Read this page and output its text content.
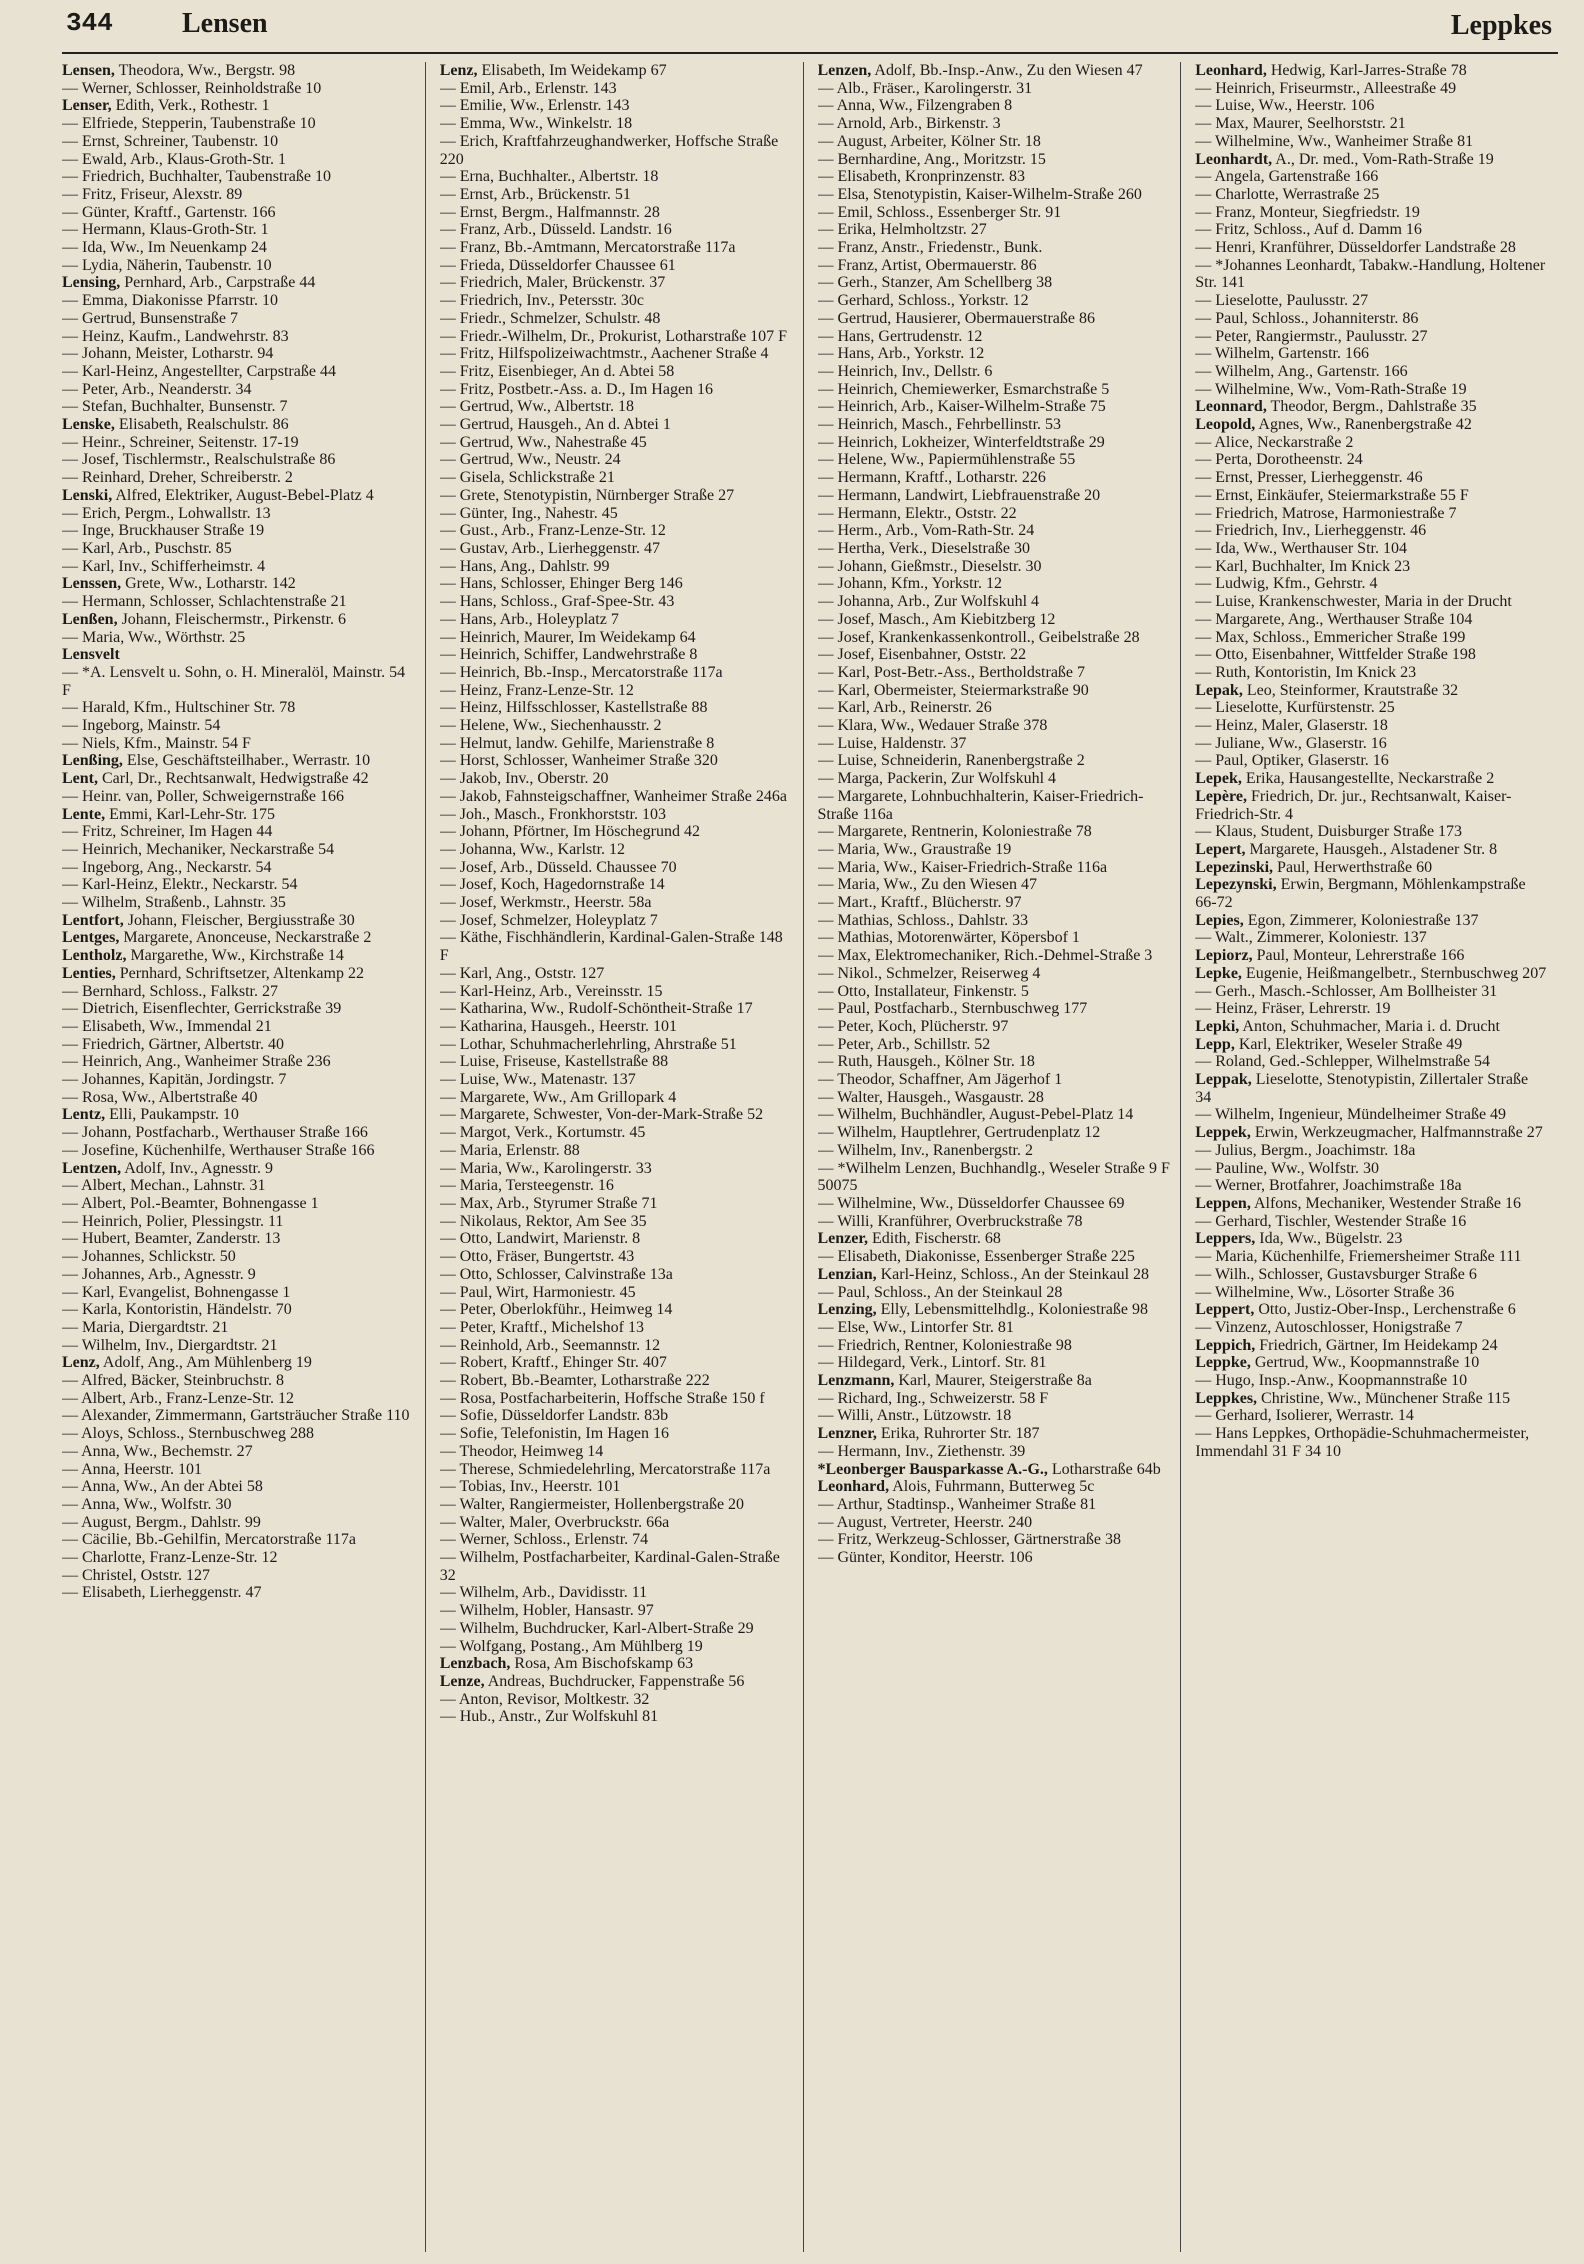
344 Lensen	Leppkes

Lensen, Theodora, Ww., Bergstr. 98

— Werner, Schlosser, Reinholdstraße 10

Lenser, Edith, Verk., Rothestr. 1

— Elfriede, Stepperin, Taubenstraße 10

— Ernst, Schreiner, Taubenstr. 10

— Ewald, Arb., Klaus-Groth-Str. 1

— Friedrich, Buchhalter, Taubenstraße 10

— Fritz, Friseur, Alexstr. 89

— Günter, Kraftf., Gartenstr. 166

— Hermann, Klaus-Groth-Str. 1

— Ida, Ww., Im Neuenkamp 24

— Lydia, Näherin, Taubenstr. 10

Lensing, Pernhard, Arb., Carpstraße 44

— Emma, Diakonisse Pfarrstr. 10

— Gertrud, Bunsenstraße 7

— Heinz, Kaufm., Landwehrstr. 83

— Johann, Meister, Lotharstr. 94

— Karl-Heinz, Angestellter, Carpstraße 44

— Peter, Arb., Neanderstr. 34

— Stefan, Buchhalter, Bunsenstr. 7

Lenske, Elisabeth, Realschulstr. 86

— Heinr., Schreiner, Seitenstr. 17-19

— Josef, Tischlermstr., Realschulstraße 86

— Reinhard, Dreher, Schreiberstr. 2

Lenski, Alfred, Elektriker, August-Bebel-Platz 4

— Erich, Pergm., Lohwallstr. 13

— Inge, Bruckhauser Straße 19

— Karl, Arb., Puschstr. 85

— Karl, Inv., Schifferheimstr. 4

Lenssen, Grete, Ww., Lotharstr. 142

— Hermann, Schlosser, Schlachtenstraße 21

Lenßen, Johann, Fleischermstr., Pirkenstr. 6

— Maria, Ww., Wörthstr. 25

Lensvelt

— *A. Lensvelt u. Sohn, o. H. Mineralöl, Mainstr. 54 F

— Harald, Kfm., Hultschiner Str. 78

— Ingeborg, Mainstr. 54

— Niels, Kfm., Mainstr. 54 F

Lenßing, Else, Geschäftsteilhaber., Werrastr. 10

Lent, Carl, Dr., Rechtsanwalt, Hedwigstraße 42

— Heinr. van, Poller, Schweigernstraße 166

Lente, Emmi, Karl-Lehr-Str. 175

— Fritz, Schreiner, Im Hagen 44

— Heinrich, Mechaniker, Neckarstraße 54

— Ingeborg, Ang., Neckarstr. 54

— Karl-Heinz, Elektr., Neckarstr. 54

— Wilhelm, Straßenb., Lahnstr. 35

Lentfort, Johann, Fleischer, Bergiusstraße 30

Lentges, Margarete, Anonceuse, Neckarstraße 2

Lentholz, Margarethe, Ww., Kirchstraße 14

Lenties, Pernhard, Schriftsetzer, Altenkamp 22

— Bernhard, Schloss., Falkstr. 27

— Dietrich, Eisenflechter, Gerrickstraße 39

— Elisabeth, Ww., Immendal 21

— Friedrich, Gärtner, Albertstr. 40

— Heinrich, Ang., Wanheimer Straße 236

— Johannes, Kapitän, Jordingstr. 7

— Rosa, Ww., Albertstraße 40

Lentz, Elli, Paukampstr. 10

— Johann, Postfacharb., Werthauser Straße 166

— Josefine, Küchenhilfe, Werthauser Straße 166

Lentzen, Adolf, Inv., Agnesstr. 9

— Albert, Mechan., Lahnstr. 31

— Albert, Pol.-Beamter, Bohnengasse 1

— Heinrich, Polier, Plessingstr. 11

— Hubert, Beamter, Zanderstr. 13

— Johannes, Schlickstr. 50

— Johannes, Arb., Agnesstr. 9

— Karl, Evangelist, Bohnengasse 1

— Karla, Kontoristin, Händelstr. 70

— Maria, Diergardtstr. 21

— Wilhelm, Inv., Diergardtstr. 21

Lenz, Adolf, Ang., Am Mühlenberg 19

— Alfred, Bäcker, Steinbruchstr. 8

— Albert, Arb., Franz-Lenze-Str. 12

— Alexander, Zimmermann, Gartsträucher Straße 110

— Aloys, Schloss., Sternbuschweg 288

— Anna, Ww., Bechemstr. 27

— Anna, Heerstr. 101

— Anna, Ww., An der Abtei 58

— Anna, Ww., Wolfstr. 30

— August, Bergm., Dahlstr. 99

— Cäcilie, Bb.-Gehilfin, Mercatorstraße 117a

— Charlotte, Franz-Lenze-Str. 12

— Christel, Oststr. 127

— Elisabeth, Lierheggenstr. 47

Lenz, Elisabeth, Im Weidekamp 67

— Emil, Arb., Erlenstr. 143

— Emilie, Ww., Erlenstr. 143

— Emma, Ww., Winkelstr. 18

— Erich, Kraftfahrzeughandwerker, Hoffsche Straße 220

— Erna, Buchhalter., Albertstr. 18

— Ernst, Arb., Brückenstr. 51

— Ernst, Bergm., Halfmannstr. 28

— Franz, Arb., Düsseld. Landstr. 16

— Franz, Bb.-Amtmann, Mercatorstraße 117a

— Frieda, Düsseldorfer Chaussee 61

— Friedrich, Maler, Brückenstr. 37

— Friedrich, Inv., Petersstr. 30c

— Friedr., Schmelzer, Schulstr. 48

— Friedr.-Wilhelm, Dr., Prokurist, Lotharstraße 107 F

— Fritz, Hilfspolizeiwachtmstr., Aachener Straße 4

— Fritz, Eisenbieger, An d. Abtei 58

— Fritz, Postbetr.-Ass. a. D., Im Hagen 16

— Gertrud, Ww., Albertstr. 18

— Gertrud, Hausgeh., An d. Abtei 1

— Gertrud, Ww., Nahestraße 45

— Gertrud, Ww., Neustr. 24

— Gisela, Schlickstraße 21

— Grete, Stenotypistin, Nürnberger Straße 27

— Günter, Ing., Nahestr. 45

— Gust., Arb., Franz-Lenze-Str. 12

— Gustav, Arb., Lierheggenstr. 47

— Hans, Ang., Dahlstr. 99

— Hans, Schlosser, Ehinger Berg 146

— Hans, Schloss., Graf-Spee-Str. 43

— Hans, Arb., Holeyplatz 7

— Heinrich, Maurer, Im Weidekamp 64

— Heinrich, Schiffer, Landwehrstraße 8

— Heinrich, Bb.-Insp., Mercatorstraße 117a

— Heinz, Franz-Lenze-Str. 12

— Heinz, Hilfsschlosser, Kastellstraße 88

— Helene, Ww., Siechenhausstr. 2

— Helmut, landw. Gehilfe, Marienstraße 8

— Horst, Schlosser, Wanheimer Straße 320

— Jakob, Inv., Oberstr. 20

— Jakob, Fahnsteigschaffner, Wanheimer Straße 246a

— Joh., Masch., Fronkhorststr. 103

— Johann, Pförtner, Im Höschegrund 42

— Johanna, Ww., Karlstr. 12

— Josef, Arb., Düsseld. Chaussee 70

— Josef, Koch, Hagedornstraße 14

— Josef, Werkmstr., Heerstr. 58a

— Josef, Schmelzer, Holeyplatz 7

— Käthe, Fischhändlerin, Kardinal-Galen-Straße 148 F

— Karl, Ang., Oststr. 127

— Karl-Heinz, Arb., Vereinsstr. 15

— Katharina, Ww., Rudolf-Schöntheit-Straße 17

— Katharina, Hausgeh., Heerstr. 101

— Lothar, Schuhmacherlehrling, Ahrstraße 51

— Luise, Friseuse, Kastellstraße 88

— Luise, Ww., Matenastr. 137

— Margarete, Ww., Am Grillopark 4

— Margarete, Schwester, Von-der-Mark-Straße 52

— Margot, Verk., Kortumstr. 45

— Maria, Erlenstr. 88

— Maria, Ww., Karolingerstr. 33

— Maria, Tersteegenstr. 16

— Max, Arb., Styrumer Straße 71

— Nikolaus, Rektor, Am See 35

— Otto, Landwirt, Marienstr. 8

— Otto, Fräser, Bungertstr. 43

— Otto, Schlosser, Calvinstraße 13a

— Paul, Wirt, Harmoniestr. 45

— Peter, Oberlokführ., Heimweg 14

— Peter, Kraftf., Michelshof 13

— Reinhold, Arb., Seemannstr. 12

— Robert, Kraftf., Ehinger Str. 407

— Robert, Bb.-Beamter, Lotharstraße 222

— Rosa, Postfacharbeiterin, Hoffsche Straße 150 f

— Sofie, Düsseldorfer Landstr. 83b

— Sofie, Telefonistin, Im Hagen 16

— Theodor, Heimweg 14

— Therese, Schmiedelehrling, Mercatorstraße 117a

— Tobias, Inv., Heerstr. 101

— Walter, Rangiermeister, Hollenbergstraße 20

— Walter, Maler, Overbruckstr. 66a

— Werner, Schloss., Erlenstr. 74

— Wilhelm, Postfacharbeiter, Kardinal-Galen-Straße 32

— Wilhelm, Arb., Davidisstr. 11

— Wilhelm, Hobler, Hansastr. 97

— Wilhelm, Buchdrucker, Karl-Albert-Straße 29

— Wolfgang, Postang., Am Mühlberg 19

Lenzbach, Rosa, Am Bischofskamp 63

Lenze, Andreas, Buchdrucker, Fappenstraße 56

— Anton, Revisor, Moltkestr. 32

— Hub., Anstr., Zur Wolfskuhl 81

Lenzen, Adolf, Bb.-Insp.-Anw., Zu den Wiesen 47

— Alb., Fräser., Karolingerstr. 31

— Anna, Ww., Filzengraben 8

— Arnold, Arb., Birkenstr. 3

— August, Arbeiter, Kölner Str. 18

— Bernhardine, Ang., Moritzstr. 15

— Elisabeth, Kronprinzenstr. 83

— Elsa, Stenotypistin, Kaiser-Wilhelm-Straße 260

— Emil, Schloss., Essenberger Str. 91

— Erika, Helmholtzstr. 27

— Franz, Anstr., Friedenstr., Bunk.

— Franz, Artist, Obermauerstr. 86

— Gerh., Stanzer, Am Schellberg 38

— Gerhard, Schloss., Yorkstr. 12

— Gertrud, Hausierer, Obermauerstraße 86

— Hans, Gertrudenstr. 12

— Hans, Arb., Yorkstr. 12

— Heinrich, Inv., Dellstr. 6

— Heinrich, Chemiewerker, Esmarchstraße 5

— Heinrich, Arb., Kaiser-Wilhelm-Straße 75

— Heinrich, Masch., Fehrbellinstr. 53

— Heinrich, Lokheizer, Winterfeldtstraße 29

— Helene, Ww., Papiermühlenstraße 55

— Hermann, Kraftf., Lotharstr. 226

— Hermann, Landwirt, Liebfrauenstraße 20

— Hermann, Elektr., Oststr. 22

— Herm., Arb., Vom-Rath-Str. 24

— Hertha, Verk., Dieselstraße 30

— Johann, Gießmstr., Dieselstr. 30

— Johann, Kfm., Yorkstr. 12

— Johanna, Arb., Zur Wolfskuhl 4

— Josef, Masch., Am Kiebitzberg 12

— Josef, Krankenkassenkontroll., Geibelstraße 28

— Josef, Eisenbahner, Oststr. 22

— Karl, Post-Betr.-Ass., Bertholdstraße 7

— Karl, Obermeister, Steiermarkstraße 90

— Karl, Arb., Reinerstr. 26

— Klara, Ww., Wedauer Straße 378

— Luise, Haldenstr. 37

— Luise, Schneiderin, Ranenbergstraße 2

— Marga, Packerin, Zur Wolfskuhl 4

— Margarete, Lohnbuchhalterin, Kaiser-Friedrich-Straße 116a

— Margarete, Rentnerin, Koloniestraße 78

— Maria, Ww., Graustraße 19

— Maria, Ww., Kaiser-Friedrich-Straße 116a

— Maria, Ww., Zu den Wiesen 47

— Mart., Kraftf., Blücherstr. 97

— Mathias, Schloss., Dahlstr. 33

— Mathias, Motorenwärter, Köpersbof 1

— Max, Elektromechaniker, Rich.-Dehmel-Straße 3

— Nikol., Schmelzer, Reiserweg 4

— Otto, Installateur, Finkenstr. 5

— Paul, Postfacharb., Sternbuschweg 177

— Peter, Koch, Plücherstr. 97

— Peter, Arb., Schillstr. 52

— Ruth, Hausgeh., Kölner Str. 18

— Theodor, Schaffner, Am Jägerhof 1

— Walter, Hausgeh., Wasgaustr. 28

— Wilhelm, Buchhändler, August-Pebel-Platz 14

— Wilhelm, Hauptlehrer, Gertrudenplatz 12

— Wilhelm, Inv., Ranenbergstr. 2

— *Wilhelm Lenzen, Buchhandlg., Weseler Straße 9 F 50075

— Wilhelmine, Ww., Düsseldorfer Chaussee 69

— Willi, Kranführer, Overbruckstraße 78

Lenzer, Edith, Fischerstr. 68

— Elisabeth, Diakonisse, Essenberger Straße 225

Lenzian, Karl-Heinz, Schloss., An der Steinkaul 28

— Paul, Schloss., An der Steinkaul 28

Lenzing, Elly, Lebensmittelhdlg., Koloniestraße 98

— Else, Ww., Lintorfer Str. 81

— Friedrich, Rentner, Koloniestraße 98

— Hildegard, Verk., Lintorf. Str. 81

Lenzmann, Karl, Maurer, Steigerstraße 8a

— Richard, Ing., Schweizerstr. 58 F

— Willi, Anstr., Lützowstr. 18

Lenzner, Erika, Ruhrorter Str. 187

— Hermann, Inv., Ziethenstr. 39

*Leonberger Bausparkasse A.-G., Lotharstraße 64b

Leonhard, Alois, Fuhrmann, Butterweg 5c

— Arthur, Stadtinsp., Wanheimer Straße 81

— August, Vertreter, Heerstr. 240

— Fritz, Werkzeug-Schlosser, Gärtnerstraße 38

— Günter, Konditor, Heerstr. 106

Leonhard, Hedwig, Karl-Jarres-Straße 78

— Heinrich, Friseurmstr., Alleestraße 49

— Luise, Ww., Heerstr. 106

— Max, Maurer, Seelhorststr. 21

— Wilhelmine, Ww., Wanheimer Straße 81

Leonhardt, A., Dr. med., Vom-Rath-Straße 19

— Angela, Gartenstraße 166

— Charlotte, Werrastraße 25

— Franz, Monteur, Siegfriedstr. 19

— Fritz, Schloss., Auf d. Damm 16

— Henri, Kranführer, Düsseldorfer Landstraße 28

— *Johannes Leonhardt, Tabakw.-Handlung, Holtener Str. 141

— Lieselotte, Paulusstr. 27

— Paul, Schloss., Johanniterstr. 86

— Peter, Rangiermstr., Paulusstr. 27

— Wilhelm, Gartenstr. 166

— Wilhelm, Ang., Gartenstr. 166

— Wilhelmine, Ww., Vom-Rath-Straße 19

Leonnard, Theodor, Bergm., Dahlstraße 35

Leopold, Agnes, Ww., Ranenbergstraße 42

— Alice, Neckarstraße 2

— Perta, Dorotheenstr. 24

— Ernst, Presser, Lierheggenstr. 46

— Ernst, Einkäufer, Steiermarkstraße 55 F

— Friedrich, Matrose, Harmoniestraße 7

— Friedrich, Inv., Lierheggenstr. 46

— Ida, Ww., Werthauser Str. 104

— Karl, Buchhalter, Im Knick 23

— Ludwig, Kfm., Gehrstr. 4

— Luise, Krankenschwester, Maria in der Drucht

— Margarete, Ang., Werthauser Straße 104

— Max, Schloss., Emmericher Straße 199

— Otto, Eisenbahner, Wittfelder Straße 198

— Ruth, Kontoristin, Im Knick 23

Lepak, Leo, Steinformer, Krautstraße 32

— Lieselotte, Kurfürstenstr. 25

— Heinz, Maler, Glaserstr. 18

— Juliane, Ww., Glaserstr. 16

— Paul, Optiker, Glaserstr. 16

Lepek, Erika, Hausangestellte, Neckarstraße 2

Lepère, Friedrich, Dr. jur., Rechtsanwalt, Kaiser-Friedrich-Str. 4

— Klaus, Student, Duisburger Straße 173

Lepert, Margarete, Hausgeh., Alstadener Str. 8

Lepezinski, Paul, Herwerthstraße 60

Lepezynski, Erwin, Bergmann, Möhlenkampstraße 66-72

Lepies, Egon, Zimmerer, Koloniestraße 137

— Walt., Zimmerer, Koloniestr. 137

Lepiorz, Paul, Monteur, Lehrerstraße 166

Lepke, Eugenie, Heißmangelbetr., Sternbuschweg 207

— Gerh., Masch.-Schlosser, Am Bollheister 31

— Heinz, Fräser, Lehrerstr. 19

Lepki, Anton, Schuhmacher, Maria i. d. Drucht

Lepp, Karl, Elektriker, Weseler Straße 49

— Roland, Ged.-Schlepper, Wilhelmstraße 54

Leppak, Lieselotte, Stenotypistin, Zillertaler Straße 34

— Wilhelm, Ingenieur, Mündelheimer Straße 49

Leppek, Erwin, Werkzeugmacher, Halfmannstraße 27

— Julius, Bergm., Joachimstr. 18a

— Pauline, Ww., Wolfstr. 30

— Werner, Brotfahrer, Joachimstraße 18a

Leppen, Alfons, Mechaniker, Westender Straße 16

— Gerhard, Tischler, Westender Straße 16

Leppers, Ida, Ww., Bügelstr. 23

— Maria, Küchenhilfe, Friemersheimer Straße 111

— Wilh., Schlosser, Gustavsburger Straße 6

— Wilhelmine, Ww., Lösorter Straße 36

Leppert, Otto, Justiz-Ober-Insp., Lerchenstraße 6

— Vinzenz, Autoschlosser, Honigstraße 7

Leppich, Friedrich, Gärtner, Im Heidekamp 24

Leppke, Gertrud, Ww., Koopmannstraße 10

— Hugo, Insp.-Anw., Koopmannstraße 10

Leppkes, Christine, Ww., Münchener Straße 115

— Gerhard, Isolierer, Werrastr. 14

— Hans Leppkes, Orthopädie-Schuhmachermeister, Immendahl 31 F 34 10
